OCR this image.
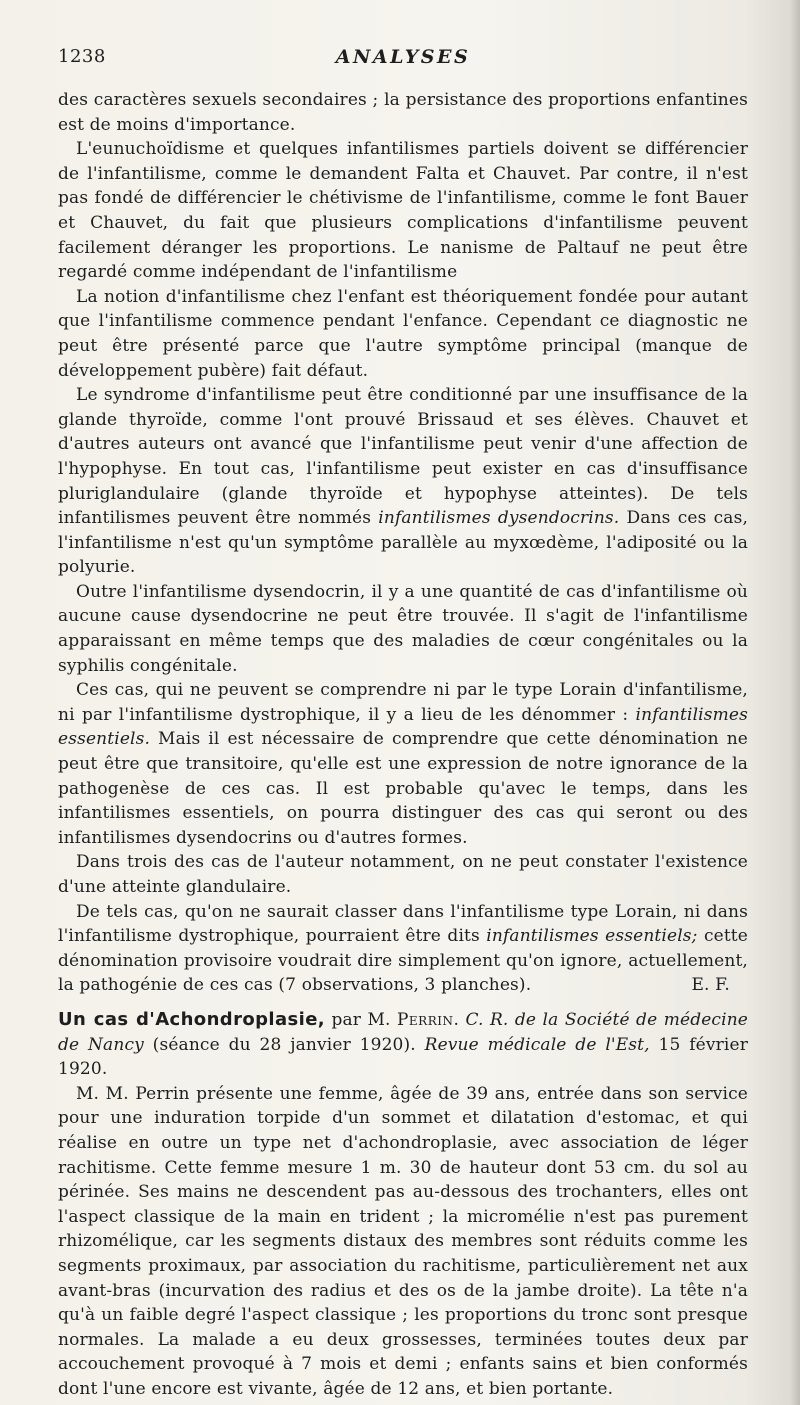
1238	ANALYSES

des caractères sexuels secondaires ; la persistance des proportions enfantines est de moins d'importance.

L'eunuchoïdisme et quelques infantilismes partiels doivent se différencier de l'infantilisme, comme le demandent Falta et Chauvet. Par contre, il n'est pas fondé de différencier le chétivisme de l'infantilisme, comme le font Bauer et Chauvet, du fait que plusieurs complications d'infantilisme peuvent facilement déranger les proportions. Le nanisme de Paltauf ne peut être regardé comme indépendant de l'infantilisme

La notion d'infantilisme chez l'enfant est théoriquement fondée pour autant que l'infantilisme commence pendant l'enfance. Cependant ce diagnostic ne peut être présenté parce que l'autre symptôme principal (manque de développement pubère) fait défaut.

Le syndrome d'infantilisme peut être conditionné par une insuffisance de la glande thyroïde, comme l'ont prouvé Brissaud et ses élèves. Chauvet et d'autres auteurs ont avancé que l'infantilisme peut venir d'une affection de l'hypophyse. En tout cas, l'infantilisme peut exister en cas d'insuffisance pluriglandulaire (glande thyroïde et hypophyse atteintes). De tels infantilismes peuvent être nommés infantilismes dysendocrins. Dans ces cas, l'infantilisme n'est qu'un symptôme parallèle au myxœdème, l'adiposité ou la polyurie.

Outre l'infantilisme dysendocrin, il y a une quantité de cas d'infantilisme où aucune cause dysendocrine ne peut être trouvée. Il s'agit de l'infantilisme apparaissant en même temps que des maladies de cœur congénitales ou la syphilis congénitale.

Ces cas, qui ne peuvent se comprendre ni par le type Lorain d'infantilisme, ni par l'infantilisme dystrophique, il y a lieu de les dénommer : infantilismes essentiels. Mais il est nécessaire de comprendre que cette dénomination ne peut être que transitoire, qu'elle est une expression de notre ignorance de la pathogenèse de ces cas. Il est probable qu'avec le temps, dans les infantilismes essentiels, on pourra distinguer des cas qui seront ou des infantilismes dysendocrins ou d'autres formes.

Dans trois des cas de l'auteur notamment, on ne peut constater l'existence d'une atteinte glandulaire.

De tels cas, qu'on ne saurait classer dans l'infantilisme type Lorain, ni dans l'infantilisme dystrophique, pourraient être dits infantilismes essentiels; cette dénomination provisoire voudrait dire simplement qu'on ignore, actuellement, la pathogénie de ces cas (7 observations, 3 planches).	E. F.

Un cas d'Achondroplasie, par M. Perrin. C. R. de la Société de médecine de Nancy (séance du 28 janvier 1920). Revue médicale de l'Est, 15 février 1920.

M. M. Perrin présente une femme, âgée de 39 ans, entrée dans son service pour une induration torpide d'un sommet et dilatation d'estomac, et qui réalise en outre un type net d'achondroplasie, avec association de léger rachitisme. Cette femme mesure 1 m. 30 de hauteur dont 53 cm. du sol au périnée. Ses mains ne descendent pas au-dessous des trochanters, elles ont l'aspect classique de la main en trident ; la micromélie n'est pas purement rhizomélique, car les segments distaux des membres sont réduits comme les segments proximaux, par association du rachitisme, particulièrement net aux avant-bras (incurvation des radius et des os de la jambe droite). La tête n'a qu'à un faible degré l'aspect classique ; les proportions du tronc sont presque normales. La malade a eu deux grossesses, terminées toutes deux par accouchement provoqué à 7 mois et demi ; enfants sains et bien conformés dont l'une encore est vivante, âgée de 12 ans, et bien portante.
